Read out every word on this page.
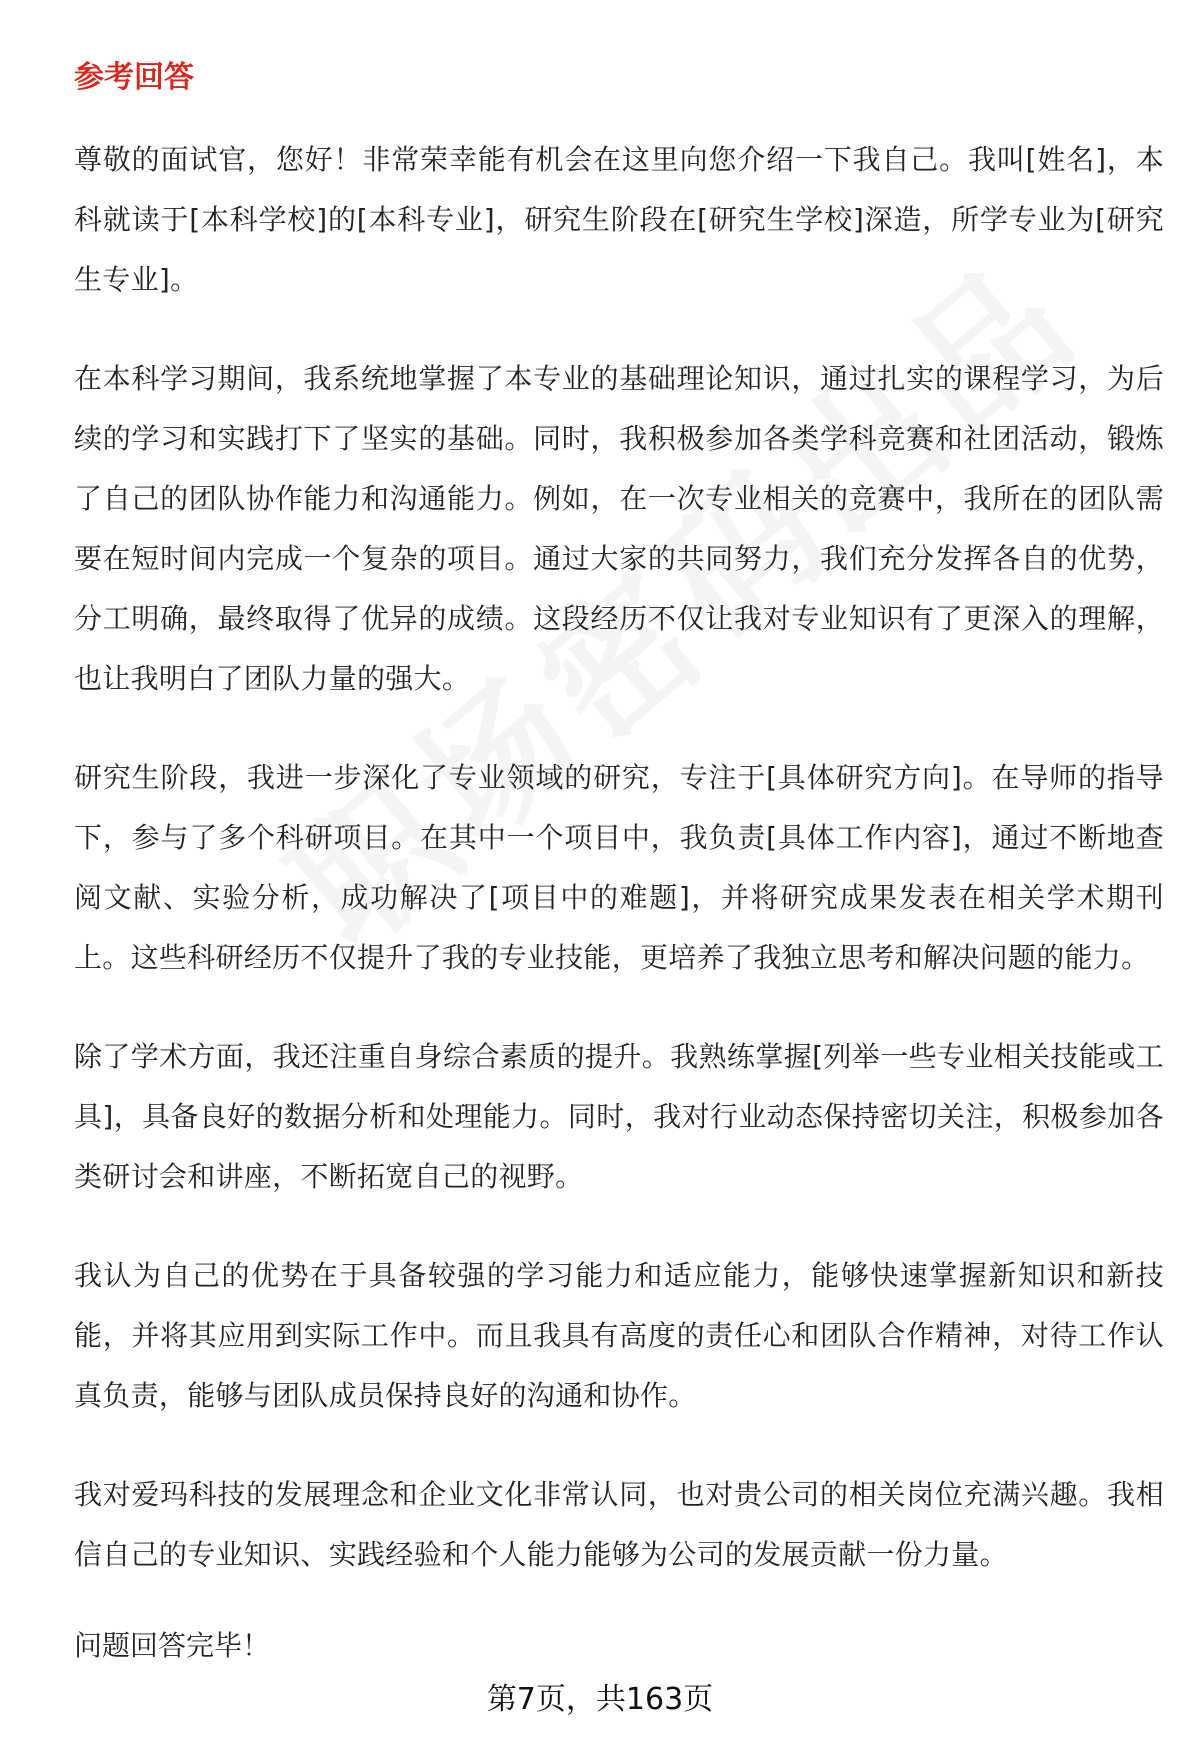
参考回答

尊敬的面试官，您好！非常荣幸能有机会在这里向您介绍一下我自己。我叫[姓名]，本科就读于[本科学校]的[本科专业]，研究生阶段在[研究生学校]深造，所学专业为[研究生专业]。

在本科学习期间，我系统地掌握了本专业的基础理论知识，通过扎实的课程学习，为后续的学习和实践打下了坚实的基础。同时，我积极参加各类学科竞赛和社团活动，锻炼了自己的团队协作能力和沟通能力。例如，在一次专业相关的竞赛中，我所在的团队需要在短时间内完成一个复杂的项目。通过大家的共同努力，我们充分发挥各自的优势，分工明确，最终取得了优异的成绩。这段经历不仅让我对专业知识有了更深入的理解，也让我明白了团队力量的强大。

研究生阶段，我进一步深化了专业领域的研究，专注于[具体研究方向]。在导师的指导下，参与了多个科研项目。在其中一个项目中，我负责[具体工作内容]，通过不断地查阅文献、实验分析，成功解决了[项目中的难题]，并将研究成果发表在相关学术期刊上。这些科研经历不仅提升了我的专业技能，更培养了我独立思考和解决问题的能力。

除了学术方面，我还注重自身综合素质的提升。我熟练掌握[列举一些专业相关技能或工具]，具备良好的数据分析和处理能力。同时，我对行业动态保持密切关注，积极参加各类研讨会和讲座，不断拓宽自己的视野。

我认为自己的优势在于具备较强的学习能力和适应能力，能够快速掌握新知识和新技能，并将其应用到实际工作中。而且我具有高度的责任心和团队合作精神，对待工作认真负责，能够与团队成员保持良好的沟通和协作。

我对爱玛科技的发展理念和企业文化非常认同，也对贵公司的相关岗位充满兴趣。我相信自己的专业知识、实践经验和个人能力能够为公司的发展贡献一份力量。

问题回答完毕！

第7页，共163页
